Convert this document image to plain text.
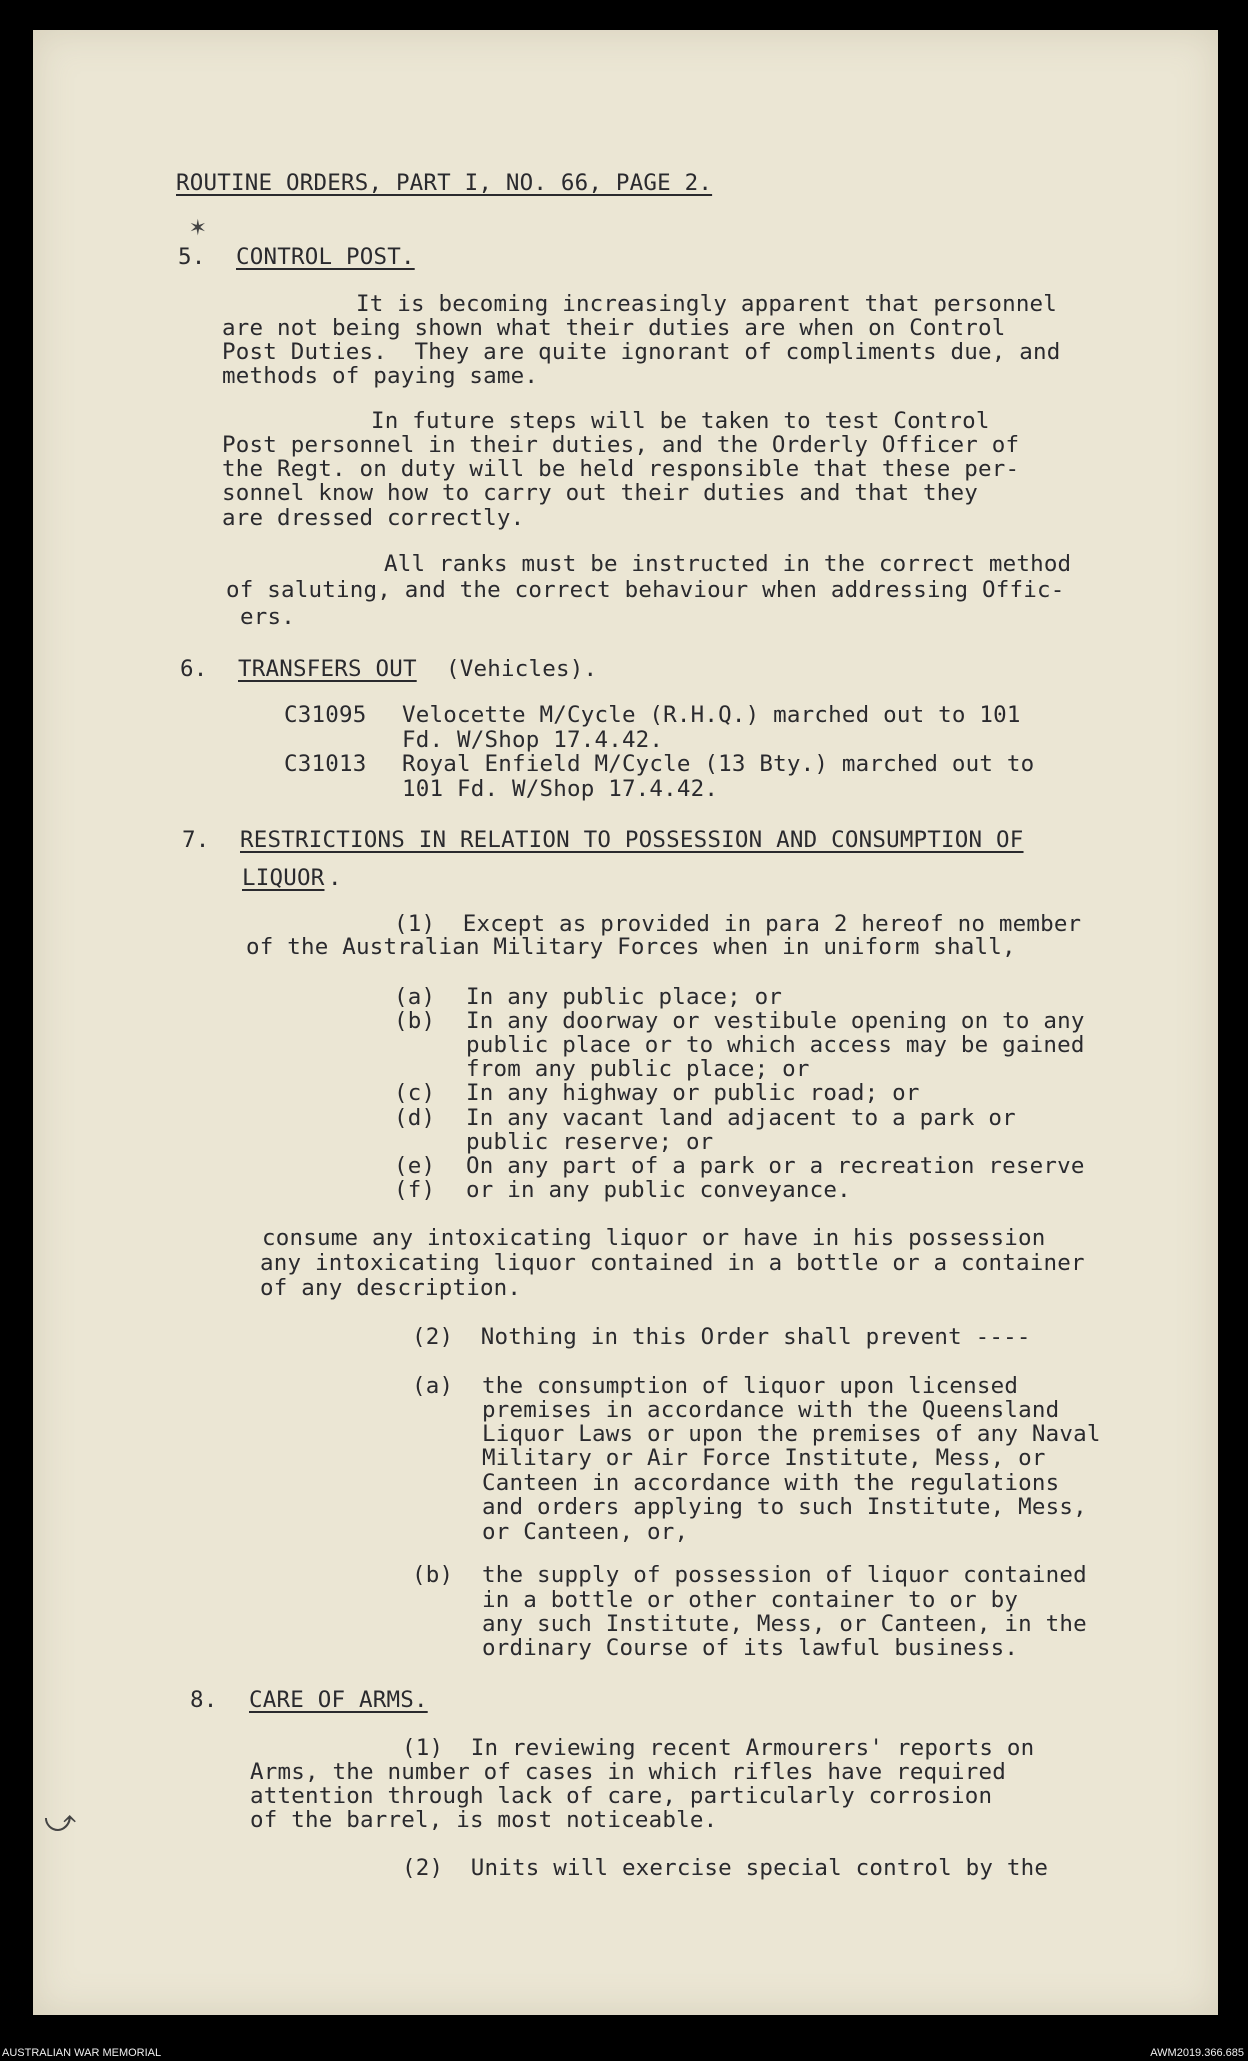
ROUTINE ORDERS, PART I, NO. 66, PAGE 2.
✶
5. CONTROL POST.
It is becoming increasingly apparent that personnel
are not being shown what their duties are when on Control
Post Duties.  They are quite ignorant of compliments due, and
methods of paying same.
In future steps will be taken to test Control
Post personnel in their duties, and the Orderly Officer of
the Regt. on duty will be held responsible that these per-
sonnel know how to carry out their duties and that they
are dressed correctly.
All ranks must be instructed in the correct method
of saluting, and the correct behaviour when addressing Offic-
ers.
6. TRANSFERS OUT (Vehicles).
C31095 Velocette M/Cycle (R.H.Q.) marched out to 101
Fd. W/Shop 17.4.42.
C31013 Royal Enfield M/Cycle (13 Bty.) marched out to
101 Fd. W/Shop 17.4.42.
7. RESTRICTIONS IN RELATION TO POSSESSION AND CONSUMPTION OF
LIQUOR .
(1)  Except as provided in para 2 hereof no member
of the Australian Military Forces when in uniform shall,
(a) In any public place; or
(b) In any doorway or vestibule opening on to any
public place or to which access may be gained
from any public place; or
(c) In any highway or public road; or
(d) In any vacant land adjacent to a park or
public reserve; or
(e) On any part of a park or a recreation reserve
(f) or in any public conveyance.
consume any intoxicating liquor or have in his possession
any intoxicating liquor contained in a bottle or a container
of any description.
(2)  Nothing in this Order shall prevent ----
(a) the consumption of liquor upon licensed
premises in accordance with the Queensland
Liquor Laws or upon the premises of any Naval
Military or Air Force Institute, Mess, or
Canteen in accordance with the regulations
and orders applying to such Institute, Mess,
or Canteen, or,
(b) the supply of possession of liquor contained
in a bottle or other container to or by
any such Institute, Mess, or Canteen, in the
ordinary Course of its lawful business.
8. CARE OF ARMS.
(1)  In reviewing recent Armourers' reports on
Arms, the number of cases in which rifles have required
attention through lack of care, particularly corrosion
of the barrel, is most noticeable.
⤻
(2)  Units will exercise special control by the
AUSTRALIAN WAR MEMORIAL	AWM2019.366.685
